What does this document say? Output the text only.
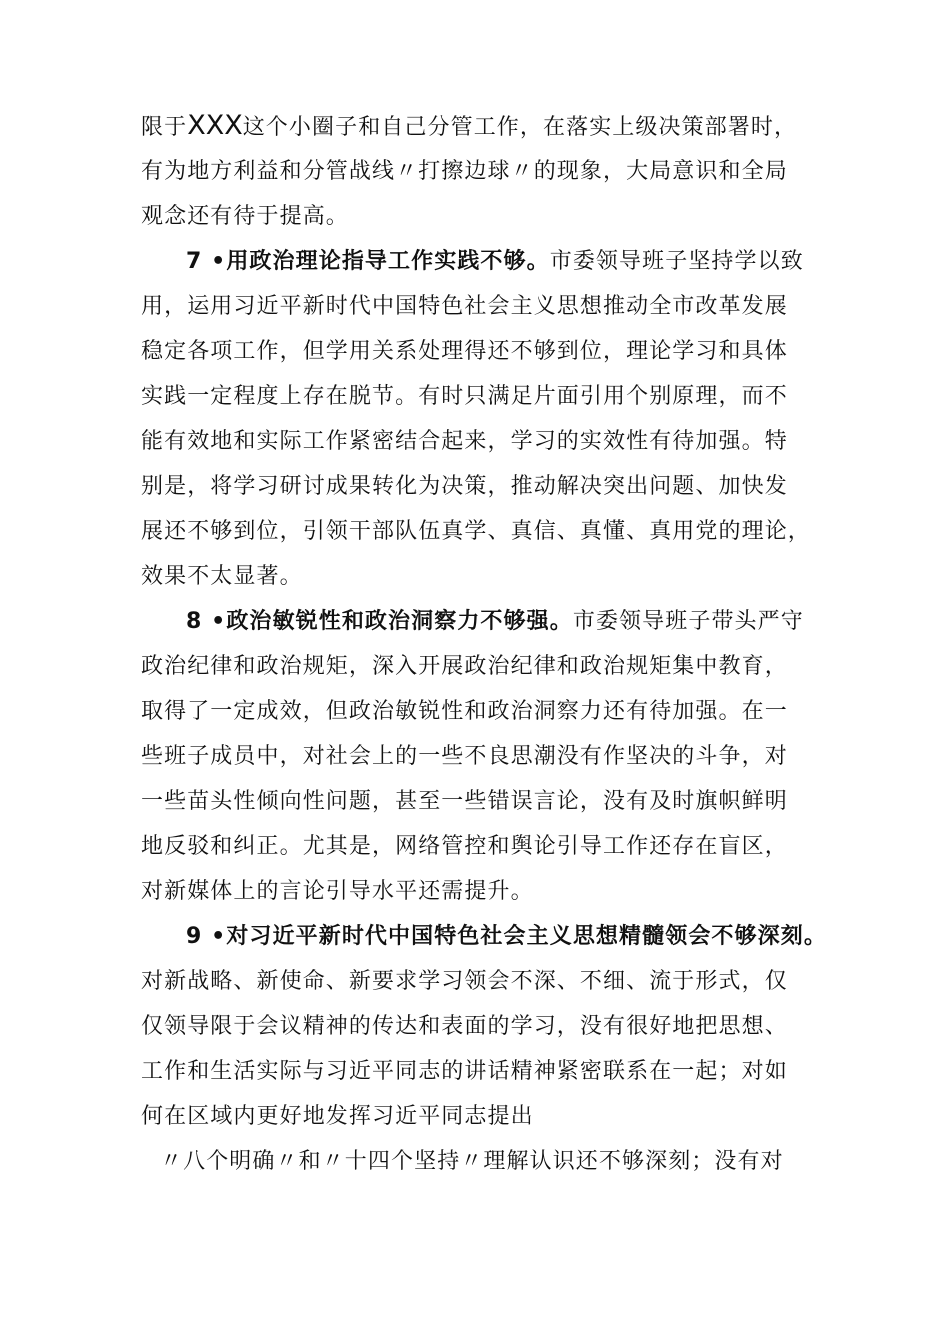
限于XXX这个小圈子和自己分管工作，在落实上级决策部署时，
有为地方利益和分管战线〃打擦边球〃的现象，大局意识和全局
观念还有待于提高。
7 •用政治理论指导工作实践不够。市委领导班子坚持学以致
用，运用习近平新时代中国特色社会主义思想推动全市改革发展
稳定各项工作，但学用关系处理得还不够到位，理论学习和具体
实践一定程度上存在脱节。有时只满足片面引用个别原理，而不
能有效地和实际工作紧密结合起来，学习的实效性有待加强。特
别是，将学习研讨成果转化为决策，推动解决突出问题、加快发
展还不够到位，引领干部队伍真学、真信、真懂、真用党的理论，
效果不太显著。
8 •政治敏锐性和政治洞察力不够强。市委领导班子带头严守
政治纪律和政治规矩，深入开展政治纪律和政治规矩集中教育，
取得了一定成效，但政治敏锐性和政治洞察力还有待加强。在一
些班子成员中，对社会上的一些不良思潮没有作坚决的斗争，对
一些苗头性倾向性问题，甚至一些错误言论，没有及时旗帜鲜明
地反驳和纠正。尤其是，网络管控和舆论引导工作还存在盲区，
对新媒体上的言论引导水平还需提升。
9 •对习近平新时代中国特色社会主义思想精髓领会不够深刻。
对新战略、新使命、新要求学习领会不深、不细、流于形式，仅
仅领导限于会议精神的传达和表面的学习，没有很好地把思想、
工作和生活实际与习近平同志的讲话精神紧密联系在一起；对如
何在区域内更好地发挥习近平同志提出
〃八个明确〃和〃十四个坚持〃理解认识还不够深刻；没有对
